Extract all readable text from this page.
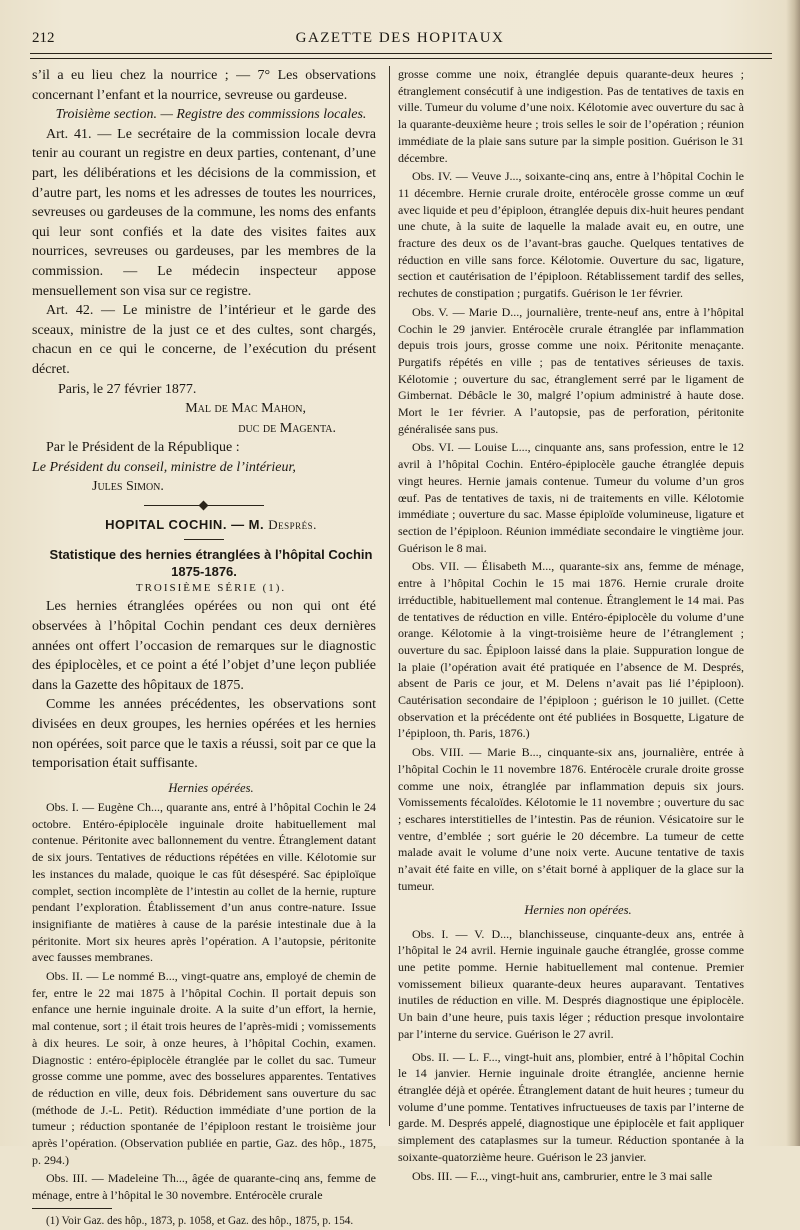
212	GAZETTE DES HOPITAUX

s’il a eu lieu chez la nourrice ; — 7° Les observations concernant l’enfant et la nourrice, sevreuse ou gardeuse.

Troisième section. — Registre des commissions locales.

Art. 41. — Le secrétaire de la commission locale devra tenir au courant un registre en deux parties, contenant, d’une part, les délibérations et les décisions de la commission, et d’autre part, les noms et les adresses de toutes les nourrices, sevreuses ou gardeuses de la commune, les noms des enfants qui leur sont confiés et la date des visites faites aux nourrices, sevreuses ou gardeuses, par les membres de la commission. — Le médecin inspecteur appose mensuellement son visa sur ce registre.

Art. 42. — Le ministre de l’intérieur et le garde des sceaux, ministre de la just ce et des cultes, sont chargés, chacun en ce qui le concerne, de l’exécution du présent décret.

Paris, le 27 février 1877.

Mal de Mac Mahon,

duc de Magenta.

Par le Président de la République :

Le Président du conseil, ministre de l’intérieur,

Jules Simon.

HOPITAL COCHIN. — M. Després.

Statistique des hernies étranglées à l’hôpital Cochin 1875-1876.

TROISIÈME SÉRIE (1).

Les hernies étranglées opérées ou non qui ont été observées à l’hôpital Cochin pendant ces deux dernières années ont offert l’occasion de remarques sur le diagnostic des épiplocèles, et ce point a été l’objet d’une leçon publiée dans la Gazette des hôpitaux de 1875.

Comme les années précédentes, les observations sont divisées en deux groupes, les hernies opérées et les hernies non opérées, soit parce que le taxis a réussi, soit par ce que la temporisation était suffisante.

Hernies opérées.

Obs. I. — Eugène Ch..., quarante ans, entré à l’hôpital Cochin le 24 octobre. Entéro-épiplocèle inguinale droite habituellement mal contenue. Péritonite avec ballonnement du ventre. Étranglement datant de six jours. Tentatives de réductions répétées en ville. Kélotomie sur les instances du malade, quoique le cas fût désespéré. Sac épiploïque complet, section incomplète de l’intestin au collet de la hernie, rupture pendant l’exploration. Établissement d’un anus contre-nature. Issue insignifiante de matières à cause de la parésie intestinale due à la péritonite. Mort six heures après l’opération. A l’autopsie, péritonite avec fausses membranes.

Obs. II. — Le nommé B..., vingt-quatre ans, employé de chemin de fer, entre le 22 mai 1875 à l’hôpital Cochin. Il portait depuis son enfance une hernie inguinale droite. A la suite d’un effort, la hernie, mal contenue, sort ; il était trois heures de l’après-midi ; vomissements à dix heures. Le soir, à onze heures, à l’hôpital Cochin, examen. Diagnostic : entéro-épiplocèle étranglée par le collet du sac. Tumeur grosse comme une pomme, avec des bosselures apparentes. Tentatives de réduction en ville, deux fois. Débridement sans ouverture du sac (méthode de J.-L. Petit). Réduction immédiate d’une portion de la tumeur ; réduction spontanée de l’épiploon restant le troisième jour après l’opération. (Observation publiée en partie, Gaz. des hôp., 1875, p. 294.)

Obs. III. — Madeleine Th..., âgée de quarante-cinq ans, femme de ménage, entre à l’hôpital le 30 novembre. Entérocèle crurale

(1) Voir Gaz. des hôp., 1873, p. 1058, et Gaz. des hôp., 1875, p. 154.

grosse comme une noix, étranglée depuis quarante-deux heures ; étranglement consécutif à une indigestion. Pas de tentatives de taxis en ville. Tumeur du volume d’une noix. Kélotomie avec ouverture du sac à la quarante-deuxième heure ; trois selles le soir de l’opération ; réunion immédiate de la plaie sans suture par la simple position. Guérison le 31 décembre.

Obs. IV. — Veuve J..., soixante-cinq ans, entre à l’hôpital Cochin le 11 décembre. Hernie crurale droite, entérocèle grosse comme un œuf avec liquide et peu d’épiploon, étranglée depuis dix-huit heures pendant une chute, à la suite de laquelle la malade avait eu, en outre, une fracture des deux os de l’avant-bras gauche. Quelques tentatives de réduction en ville sans force. Kélotomie. Ouverture du sac, ligature, section et cautérisation de l’épiploon. Rétablissement tardif des selles, rechutes de constipation ; purgatifs. Guérison le 1er février.

Obs. V. — Marie D..., journalière, trente-neuf ans, entre à l’hôpital Cochin le 29 janvier. Entérocèle crurale étranglée par inflammation depuis trois jours, grosse comme une noix. Péritonite menaçante. Purgatifs répétés en ville ; pas de tentatives sérieuses de taxis. Kélotomie ; ouverture du sac, étranglement serré par le ligament de Gimbernat. Débâcle le 30, malgré l’opium administré à haute dose. Mort le 1er février. A l’autopsie, pas de perforation, péritonite généralisée sans pus.

Obs. VI. — Louise L..., cinquante ans, sans profession, entre le 12 avril à l’hôpital Cochin. Entéro-épiplocèle gauche étranglée depuis vingt heures. Hernie jamais contenue. Tumeur du volume d’un gros œuf. Pas de tentatives de taxis, ni de traitements en ville. Kélotomie immédiate ; ouverture du sac. Masse épiploïde volumineuse, ligature et section de l’épiploon. Réunion immédiate secondaire le vingtième jour. Guérison le 8 mai.

Obs. VII. — Élisabeth M..., quarante-six ans, femme de ménage, entre à l’hôpital Cochin le 15 mai 1876. Hernie crurale droite irréductible, habituellement mal contenue. Étranglement le 14 mai. Pas de tentatives de réduction en ville. Entéro-épiplocèle du volume d’une orange. Kélotomie à la vingt-troisième heure de l’étranglement ; ouverture du sac. Épiploon laissé dans la plaie. Suppuration longue de la plaie (l’opération avait été pratiquée en l’absence de M. Després, absent de Paris ce jour, et M. Delens n’avait pas lié l’épiploon). Cautérisation secondaire de l’épiploon ; guérison le 10 juillet. (Cette observation et la précédente ont été publiées in Bosquette, Ligature de l’épiploon, th. Paris, 1876.)

Obs. VIII. — Marie B..., cinquante-six ans, journalière, entrée à l’hôpital Cochin le 11 novembre 1876. Entérocèle crurale droite grosse comme une noix, étranglée par inflammation depuis six jours. Vomissements fécaloïdes. Kélotomie le 11 novembre ; ouverture du sac ; eschares interstitielles de l’intestin. Pas de réunion. Vésicatoire sur le ventre, d’emblée ; sort guérie le 20 décembre. La tumeur de cette malade avait le volume d’une noix verte. Aucune tentative de taxis n’avait été faite en ville, on s’était borné à appliquer de la glace sur la tumeur.

Hernies non opérées.

Obs. I. — V. D..., blanchisseuse, cinquante-deux ans, entrée à l’hôpital le 24 avril. Hernie inguinale gauche étranglée, grosse comme une petite pomme. Hernie habituellement mal contenue. Premier vomissement bilieux quarante-deux heures auparavant. Tentatives inutiles de réduction en ville. M. Després diagnostique une épiplocèle. Un bain d’une heure, puis taxis léger ; réduction presque involontaire par l’interne du service. Guérison le 27 avril.

Obs. II. — L. F..., vingt-huit ans, plombier, entré à l’hôpital Cochin le 14 janvier. Hernie inguinale droite étranglée, ancienne hernie étranglée déjà et opérée. Étranglement datant de huit heures ; tumeur du volume d’une pomme. Tentatives infructueuses de taxis par l’interne de garde. M. Després appelé, diagnostique une épiplocèle et fait appliquer simplement des cataplasmes sur la tumeur. Réduction spontanée à la soixante-quatorzième heure. Guérison le 23 janvier.

Obs. III. — F..., vingt-huit ans, cambrurier, entre le 3 mai salle
